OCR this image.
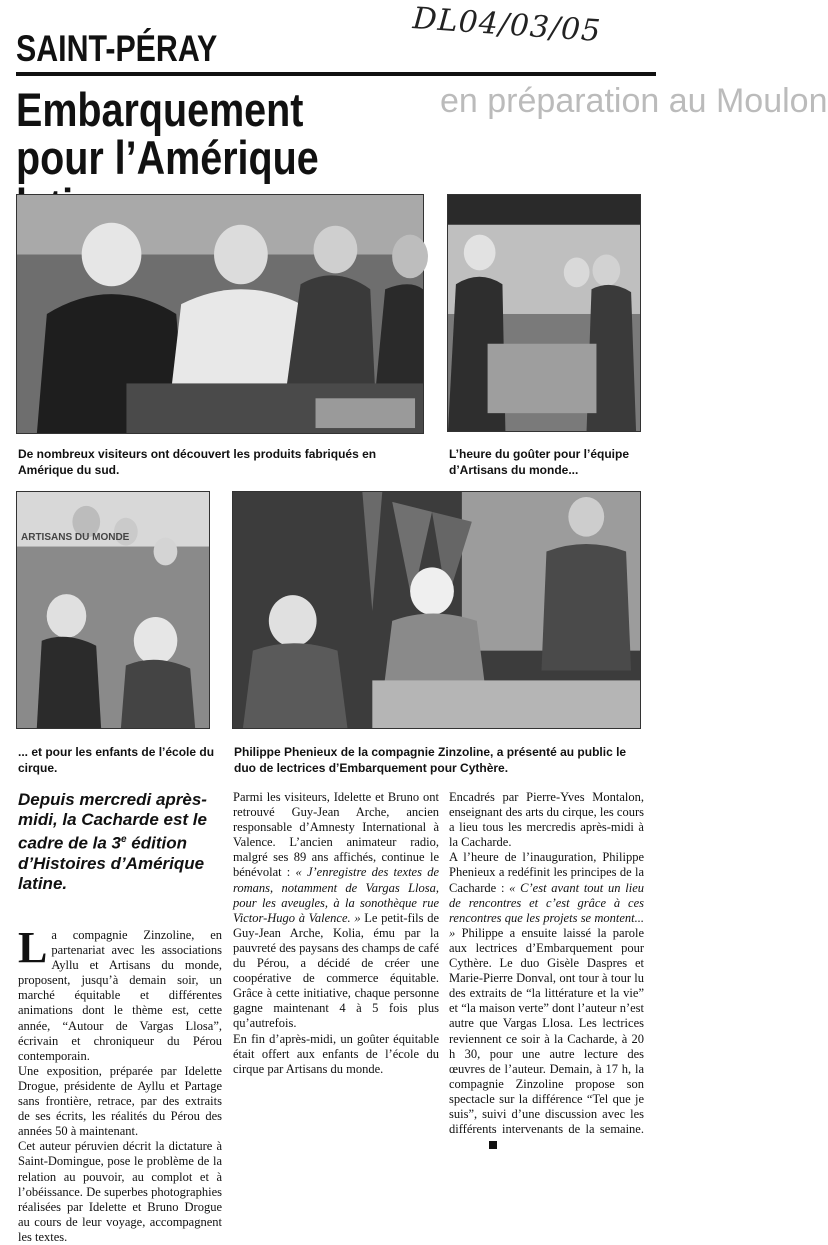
DL04/03/05
SAINT-PÉRAY
en préparation au Moulon
Embarquement pour l’Amérique
De nombreux visiteurs ont découvert les produits fabriqués en Amérique du sud.
L’heure du goûter pour l’équipe d’Artisans du monde...
ARTISANS DU MONDE
... et pour les enfants de l’école du cirque.
Philippe Phenieux de la compagnie Zinzoline, a présenté au public le duo de lectrices d’Embarquement pour Cythère.
Depuis mercredi après-midi, la Cacharde est le cadre de la 3e édition d’Histoires d’Amérique latine.

La compagnie Zinzoline, en partenariat avec les associations Ayllu et Artisans du monde, proposent, jusqu’à demain soir, un marché équitable et différentes animations dont le thème est, cette année, “Autour de Vargas Llosa”, écrivain et chroniqueur du Pérou contemporain.

Une exposition, préparée par Idelette Drogue, présidente de Ayllu et Partage sans frontière, retrace, par des extraits de ses écrits, les réalités du Pérou des années 50 à maintenant.

Cet auteur péruvien décrit la dictature à Saint-Domingue, pose le problème de la relation au pouvoir, au complot et à l’obéissance. De superbes photographies réalisées par Idelette et Bruno Drogue au cours de leur voyage, accompagnent les textes.

Parmi les visiteurs, Idelette et Bruno ont retrouvé Guy-Jean Arche, ancien responsable d’Amnesty International à Valence. L’ancien animateur radio, malgré ses 89 ans affichés, continue le bénévolat : « J’enregistre des textes de romans, notamment de Vargas Llosa, pour les aveugles, à la sonothèque rue Victor-Hugo à Valence. » Le petit-fils de Guy-Jean Arche, Kolia, ému par la pauvreté des paysans des champs de café du Pérou, a décidé de créer une coopérative de commerce équitable. Grâce à cette initiative, chaque personne gagne maintenant 4 à 5 fois plus qu’autrefois.

En fin d’après-midi, un goûter équitable était offert aux enfants de l’école du cirque par Artisans du monde.

Encadrés par Pierre-Yves Montalon, enseignant des arts du cirque, les cours a lieu tous les mercredis après-midi à la Cacharde.

A l’heure de l’inauguration, Philippe Phenieux a redéfinit les principes de la Cacharde : « C’est avant tout un lieu de rencontres et c’est grâce à ces rencontres que les projets se montent... » Philippe a ensuite laissé la parole aux lectrices d’Embarquement pour Cythère. Le duo Gisèle Daspres et Marie-Pierre Donval, ont tour à tour lu des extraits de “la littérature et la vie” et “la maison verte” dont l’auteur n’est autre que Vargas Llosa. Les lectrices reviennent ce soir à la Cacharde, à 20 h 30, pour une autre lecture des œuvres de l’auteur. Demain, à 17 h, la compagnie Zinzoline propose son spectacle sur la différence “Tel que je suis”, suivi d’une discussion avec les différents intervenants de la semaine.
